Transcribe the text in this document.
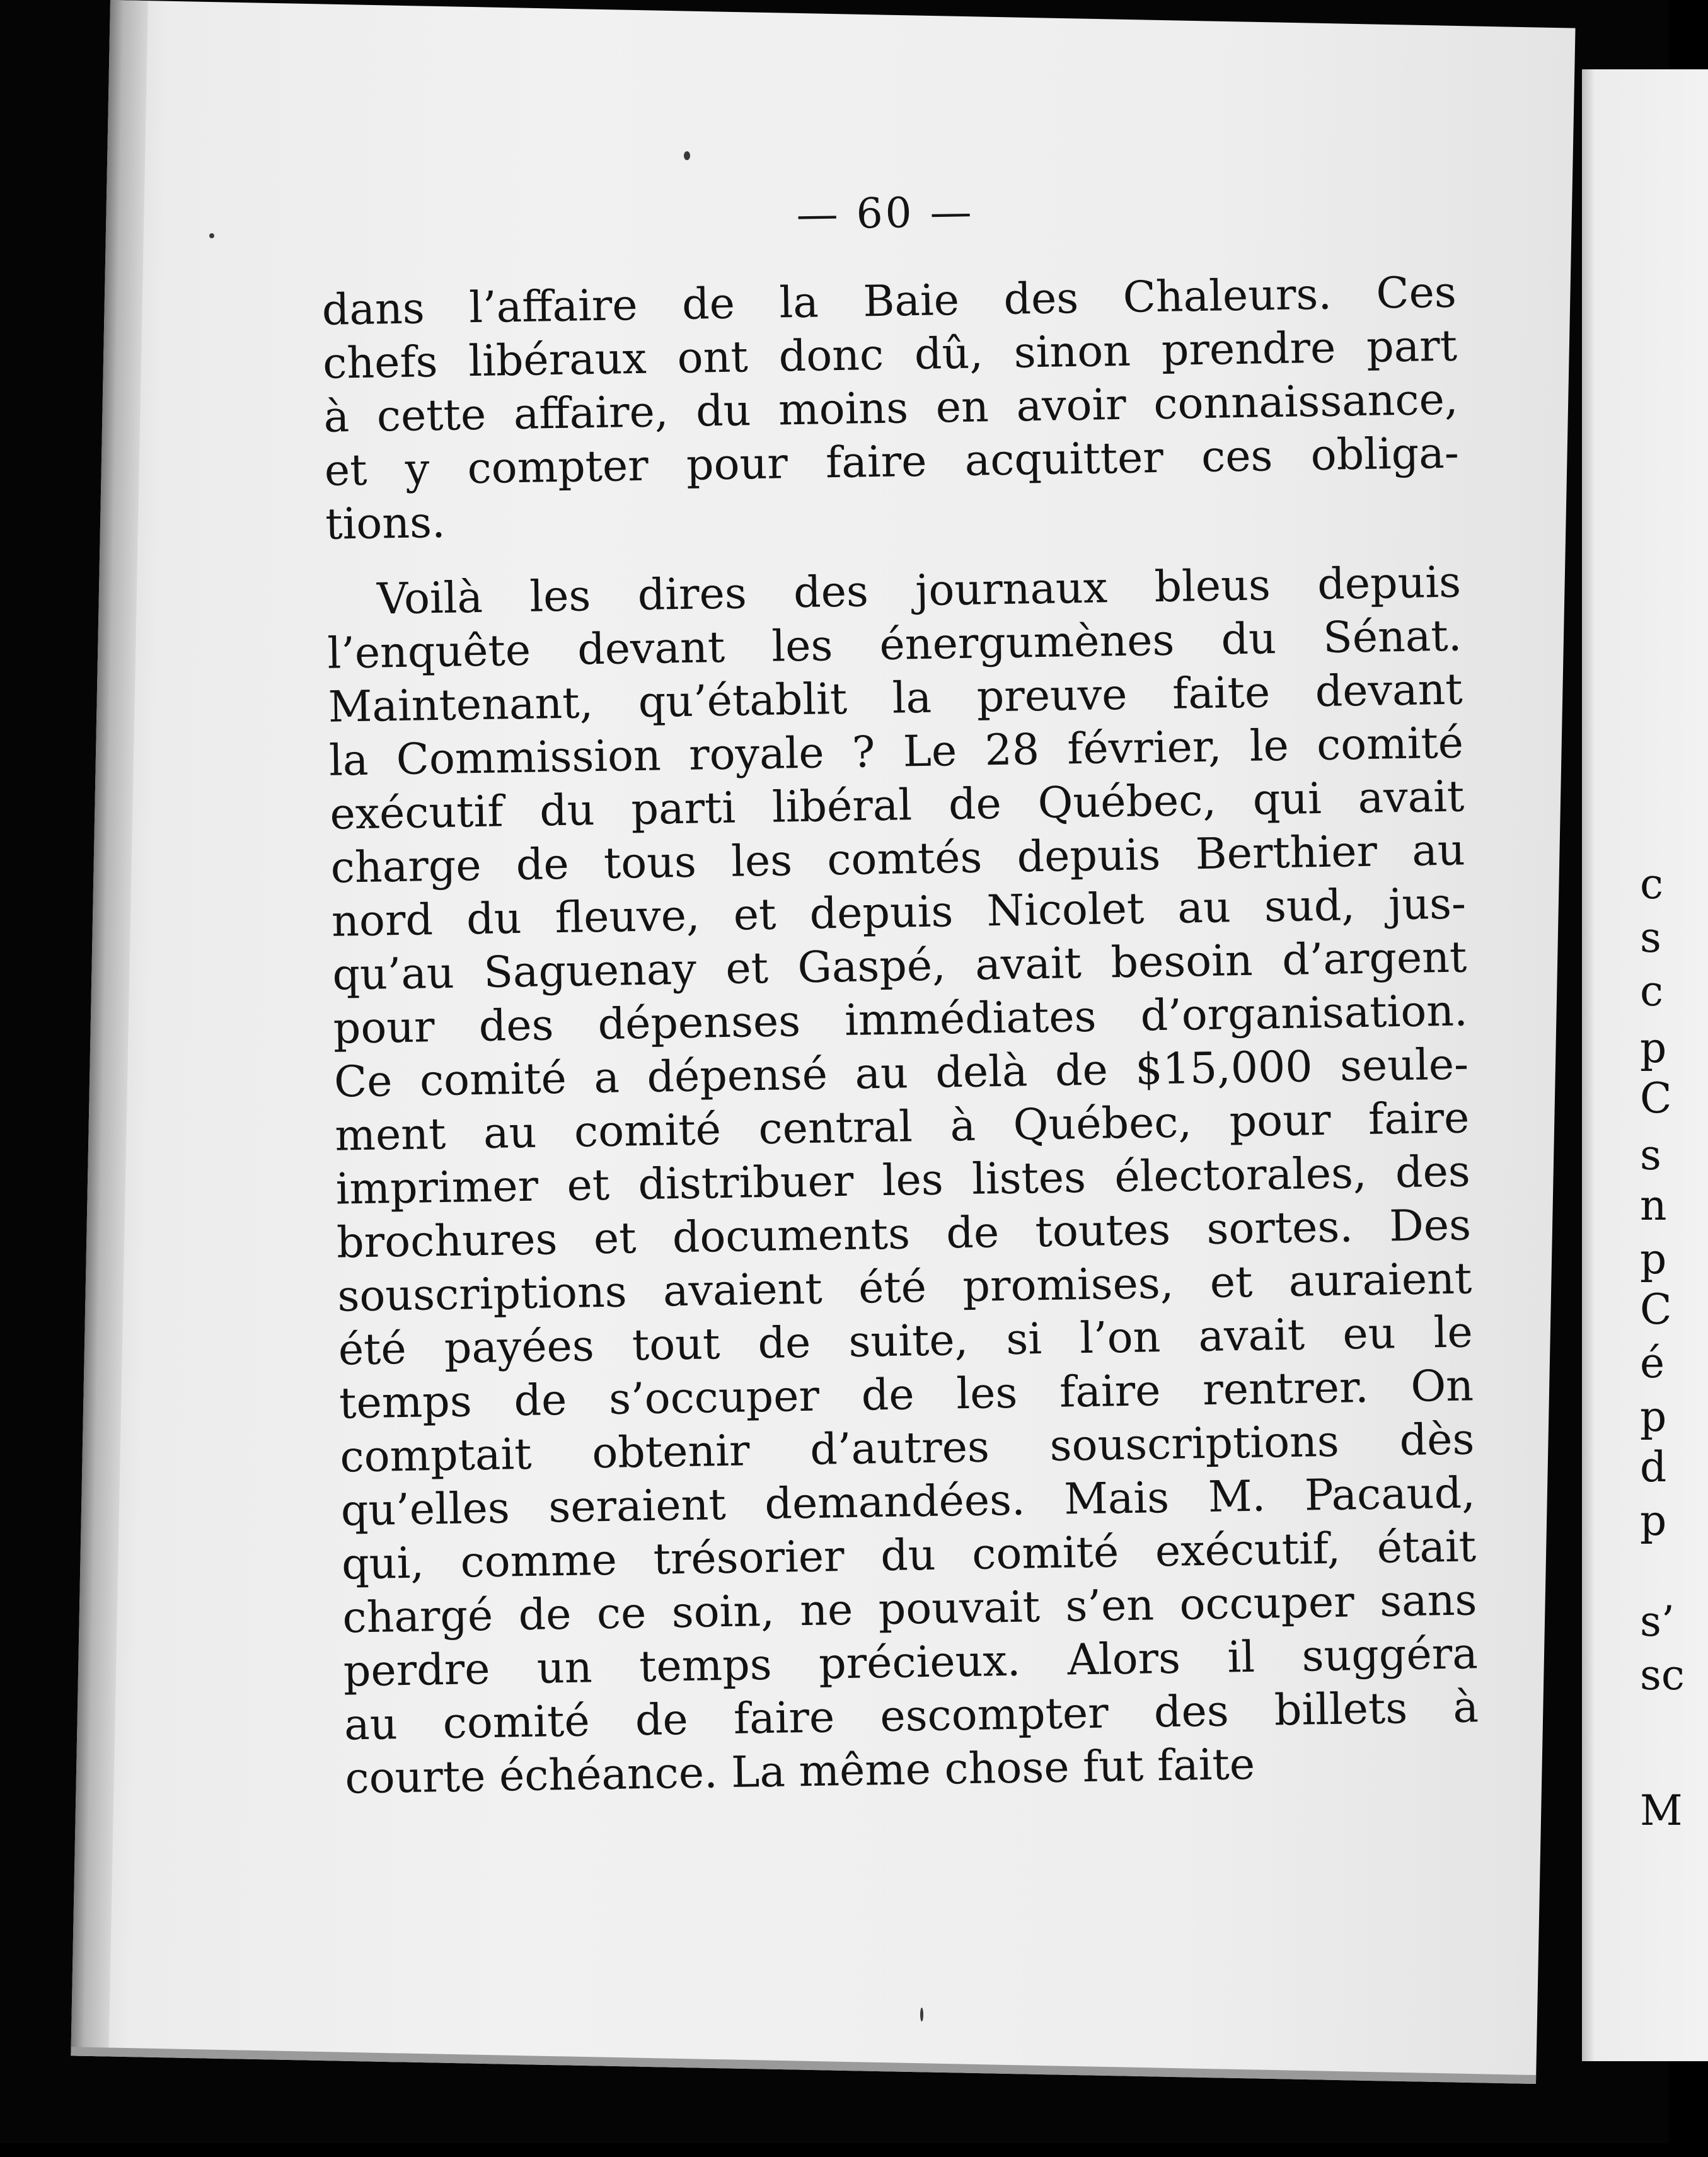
c
s
c
p
C
s
n
p
C
é
p
d
p
s’
sc
M
— 60 —
dans l’affaire de la Baie des Chaleurs. Ces
chefs libéraux ont donc dû, sinon prendre part
à cette affaire, du moins en avoir connaissance,
et y compter pour faire acquitter ces obliga-
tions.
Voilà les dires des journaux bleus depuis
l’enquête devant les énergumènes du Sénat.
Maintenant, qu’établit la preuve faite devant
la Commission royale ? Le 28 février, le comité
exécutif du parti libéral de Québec, qui avait
charge de tous les comtés depuis Berthier au
nord du fleuve, et depuis Nicolet au sud, jus-
qu’au Saguenay et Gaspé, avait besoin d’argent
pour des dépenses immédiates d’organisation.
Ce comité a dépensé au delà de $15,000 seule-
ment au comité central à Québec, pour faire
imprimer et distribuer les listes électorales, des
brochures et documents de toutes sortes. Des
souscriptions avaient été promises, et auraient
été payées tout de suite, si l’on avait eu le
temps de s’occuper de les faire rentrer. On
comptait obtenir d’autres souscriptions dès
qu’elles seraient demandées. Mais M. Pacaud,
qui, comme trésorier du comité exécutif, était
chargé de ce soin, ne pouvait s’en occuper sans
perdre un temps précieux. Alors il suggéra
au comité de faire escompter des billets à
courte échéance. La même chose fut faite
